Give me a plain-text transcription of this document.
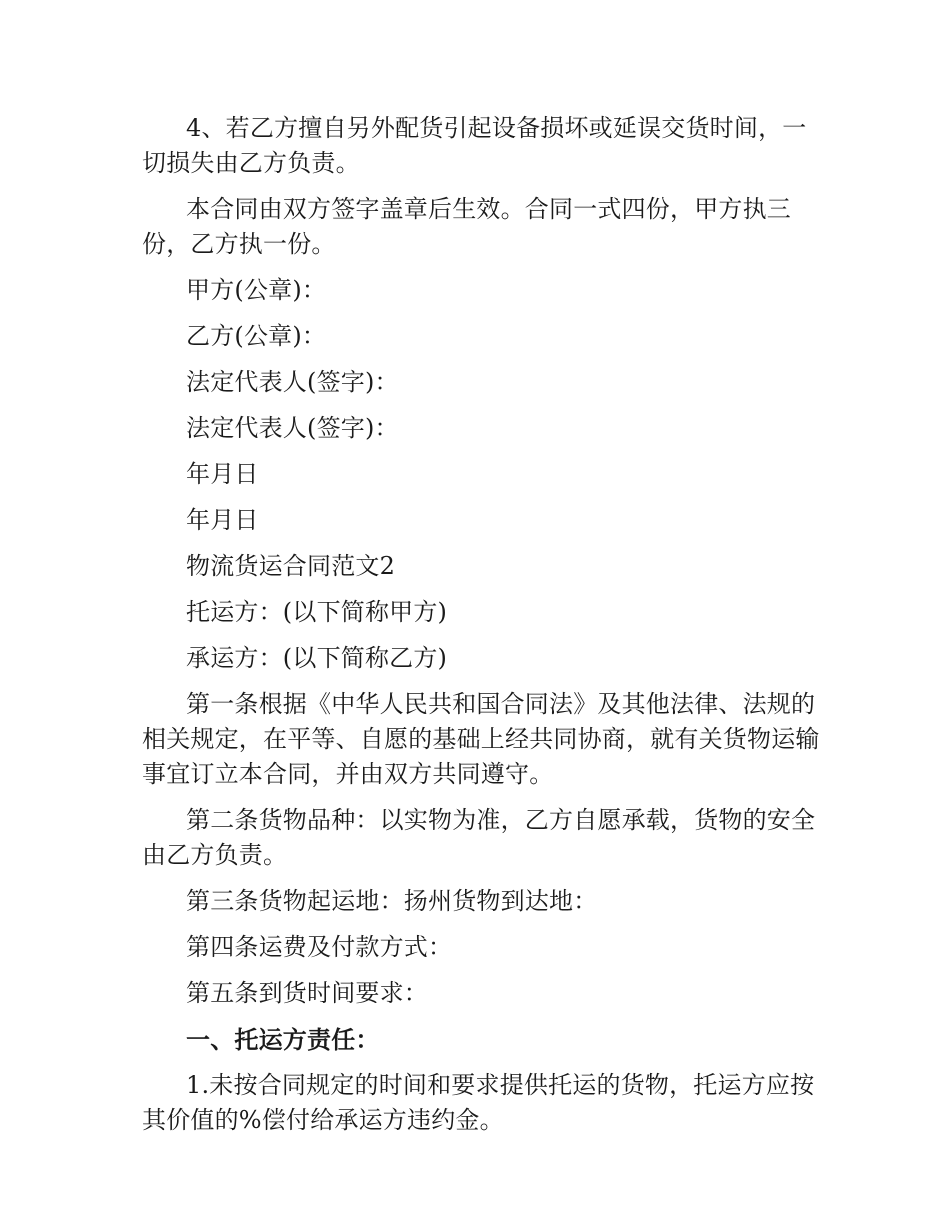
4、若乙方擅自另外配货引起设备损坏或延误交货时间，一切损失由乙方负责。

本合同由双方签字盖章后生效。合同一式四份，甲方执三份，乙方执一份。

甲方(公章)：

乙方(公章)：

法定代表人(签字)：

法定代表人(签字)：

年月日

年月日

物流货运合同范文2

托运方：(以下简称甲方)

承运方：(以下简称乙方)

第一条根据《中华人民共和国合同法》及其他法律、法规的相关规定，在平等、自愿的基础上经共同协商，就有关货物运输事宜订立本合同，并由双方共同遵守。

第二条货物品种：以实物为准，乙方自愿承载，货物的安全由乙方负责。

第三条货物起运地：扬州货物到达地：

第四条运费及付款方式：

第五条到货时间要求：

一、托运方责任：

1.未按合同规定的时间和要求提供托运的货物，托运方应按其价值的%偿付给承运方违约金。
